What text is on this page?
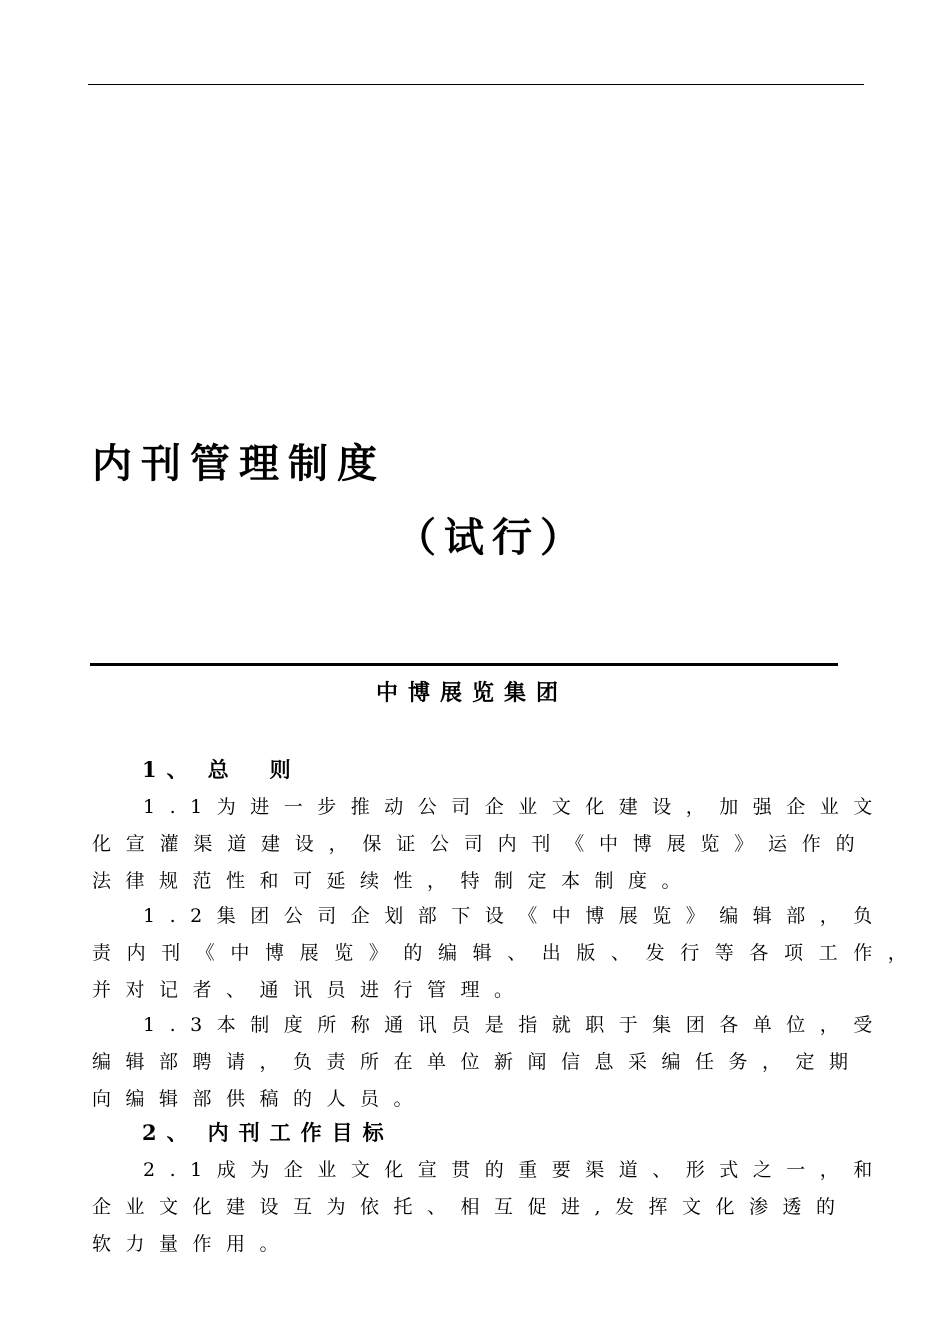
内刊管理制度
（试行）
中博展览集团
1、 总　则
1.1为进一步推动公司企业文化建设，加强企业文
化宣灌渠道建设，保证公司内刊《中博展览》运作的
法律规范性和可延续性，特制定本制度。
1.2集团公司企划部下设《中博展览》编辑部，负
责内刊《中博展览》的编辑、出版、发行等各项工作，
并对记者、通讯员进行管理。
1.3本制度所称通讯员是指就职于集团各单位，受
编辑部聘请，负责所在单位新闻信息采编任务，定期
向编辑部供稿的人员。
2、 内刊工作目标
2.1成为企业文化宣贯的重要渠道、形式之一，和
企业文化建设互为依托、相互促进,发挥文化渗透的
软力量作用。
